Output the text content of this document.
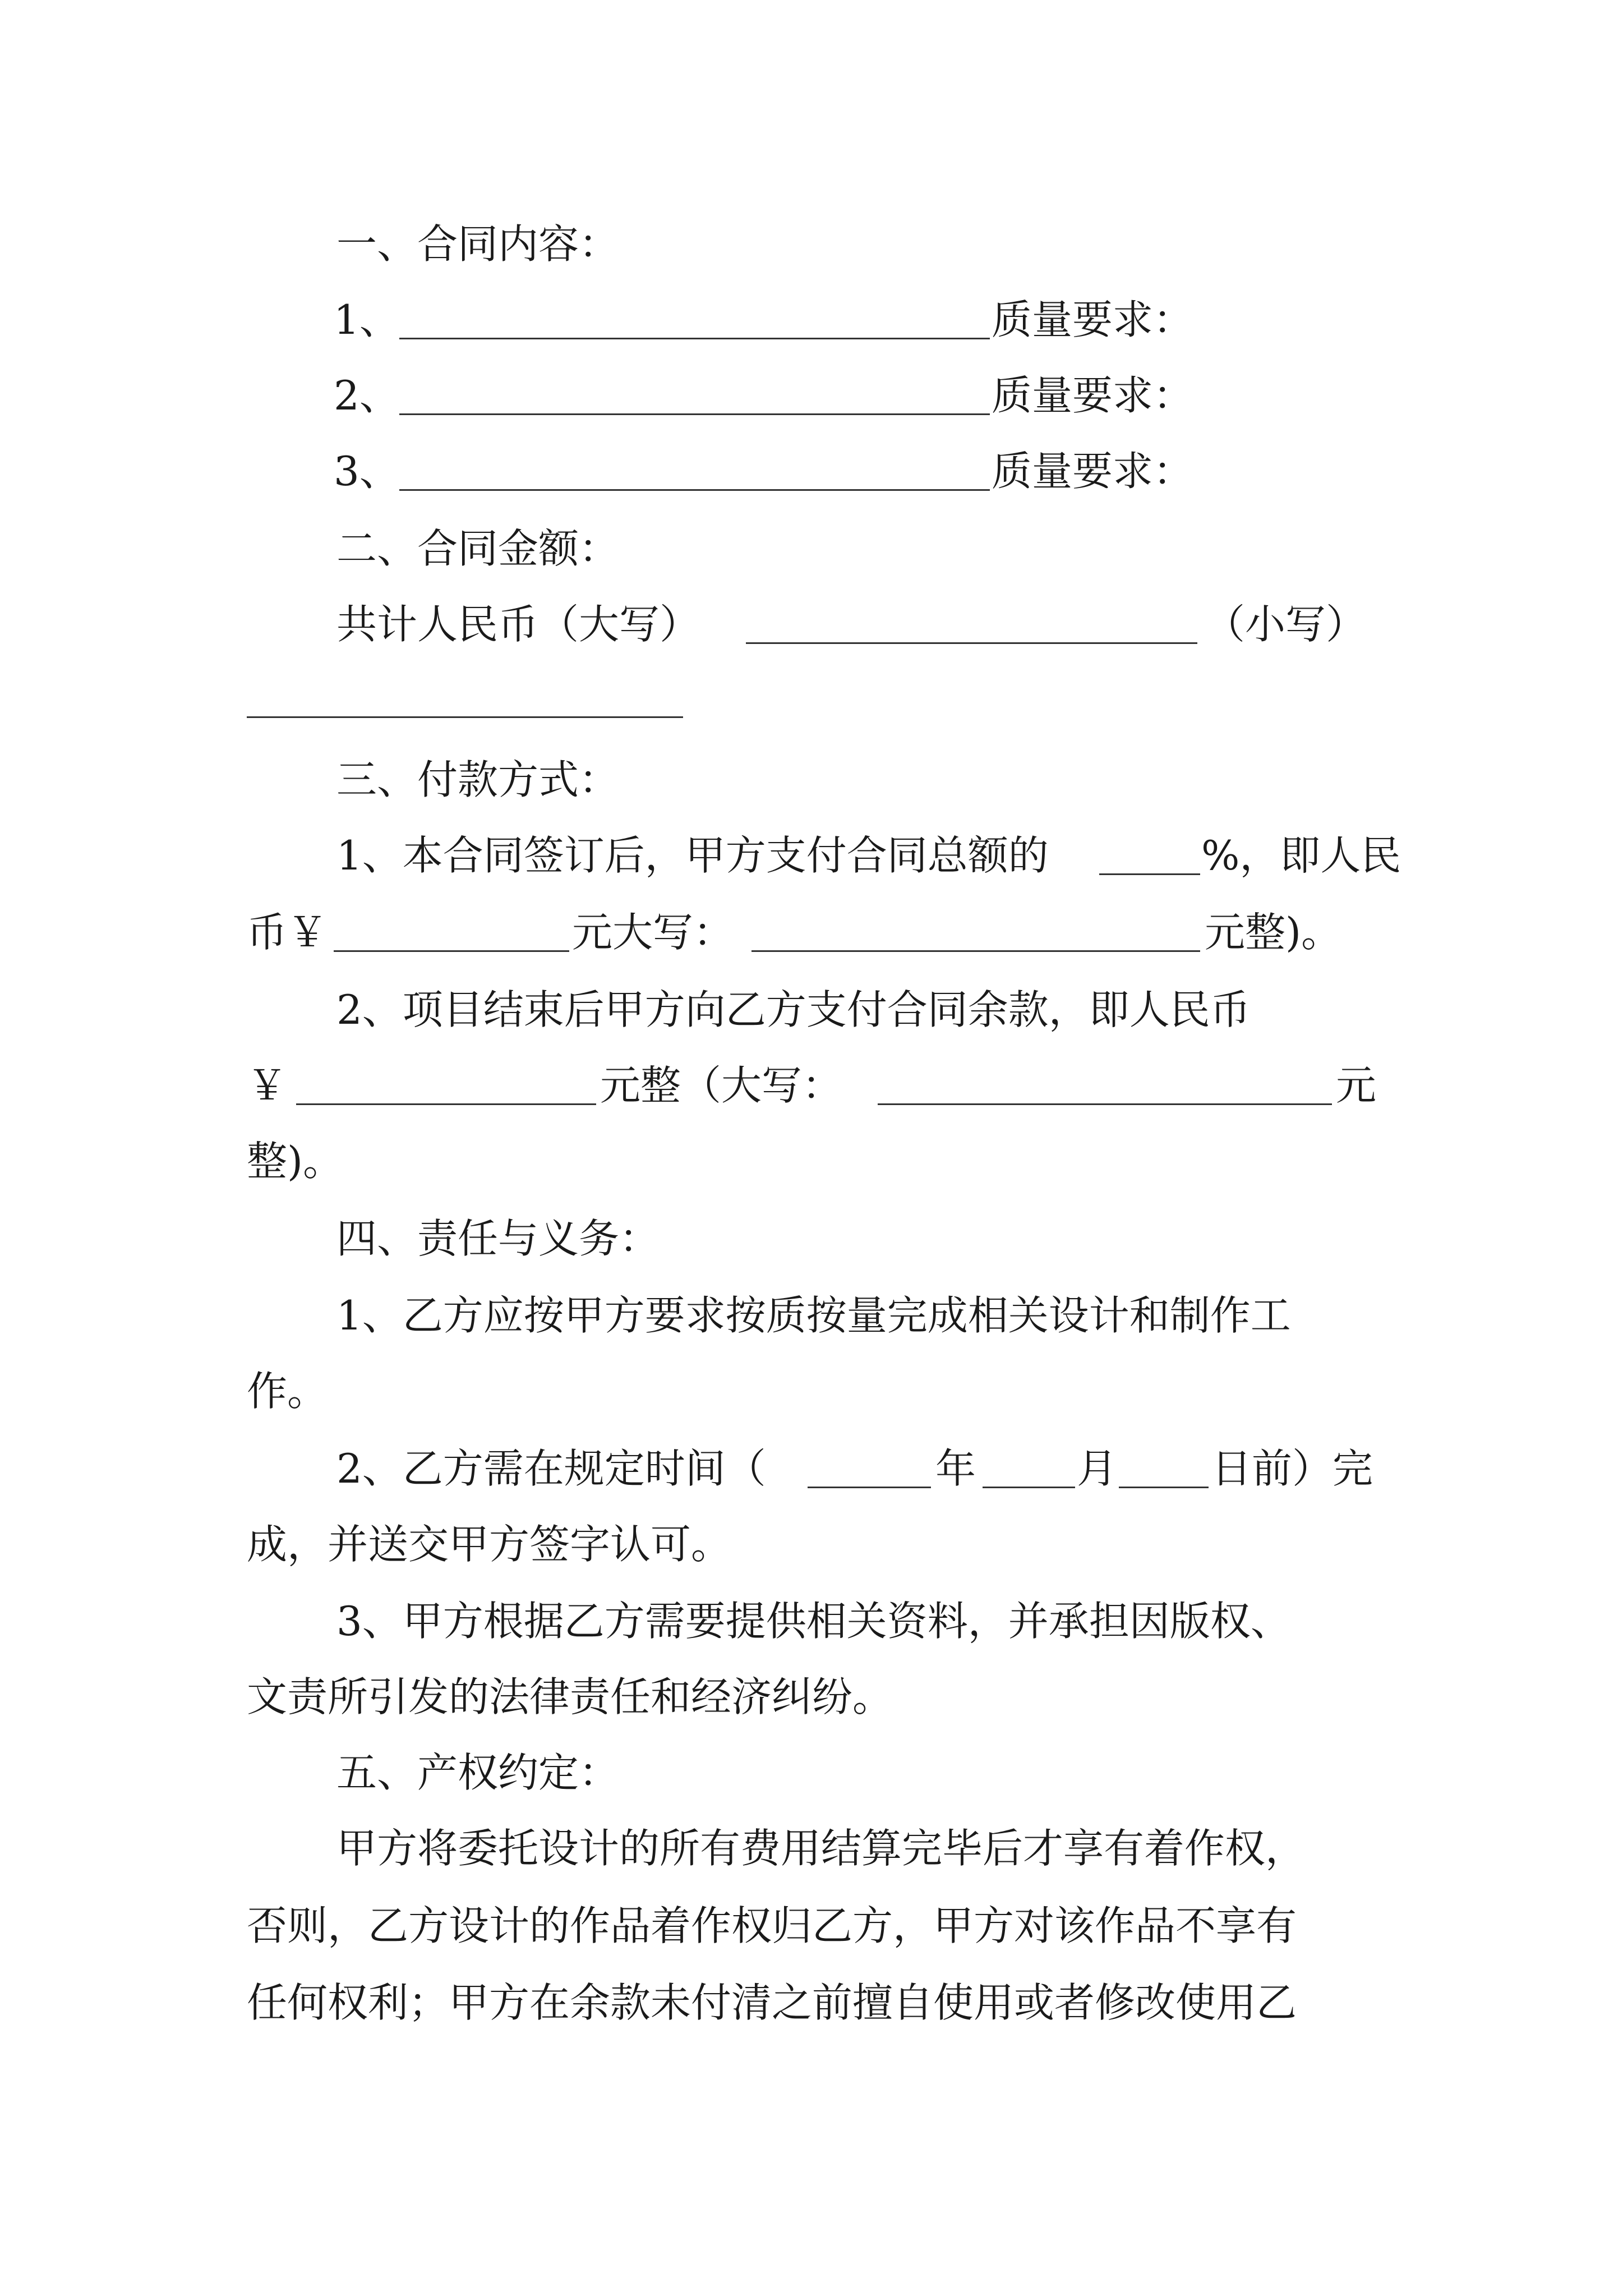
一、合同内容：
1、	质量要求：
2、	质量要求：
3、	质量要求：
二、合同金额：
共计人民币（大写）	（小写）
三、付款方式：
1、本合同签订后，甲方支付合同总额的	%，即人民
币￥	元大写：	元整)。
2、项目结束后甲方向乙方支付合同余款，即人民币
￥	元整（大写：	元
整)。
四、责任与义务：
1、乙方应按甲方要求按质按量完成相关设计和制作工
作。
2、乙方需在规定时间（	年 月 日前）完
成，并送交甲方签字认可。
3、甲方根据乙方需要提供相关资料，并承担因版权、
文责所引发的法律责任和经济纠纷。
五、产权约定：
甲方将委托设计的所有费用结算完毕后才享有着作权，
否则，乙方设计的作品着作权归乙方，甲方对该作品不享有
任何权利；甲方在余款未付清之前擅自使用或者修改使用乙
